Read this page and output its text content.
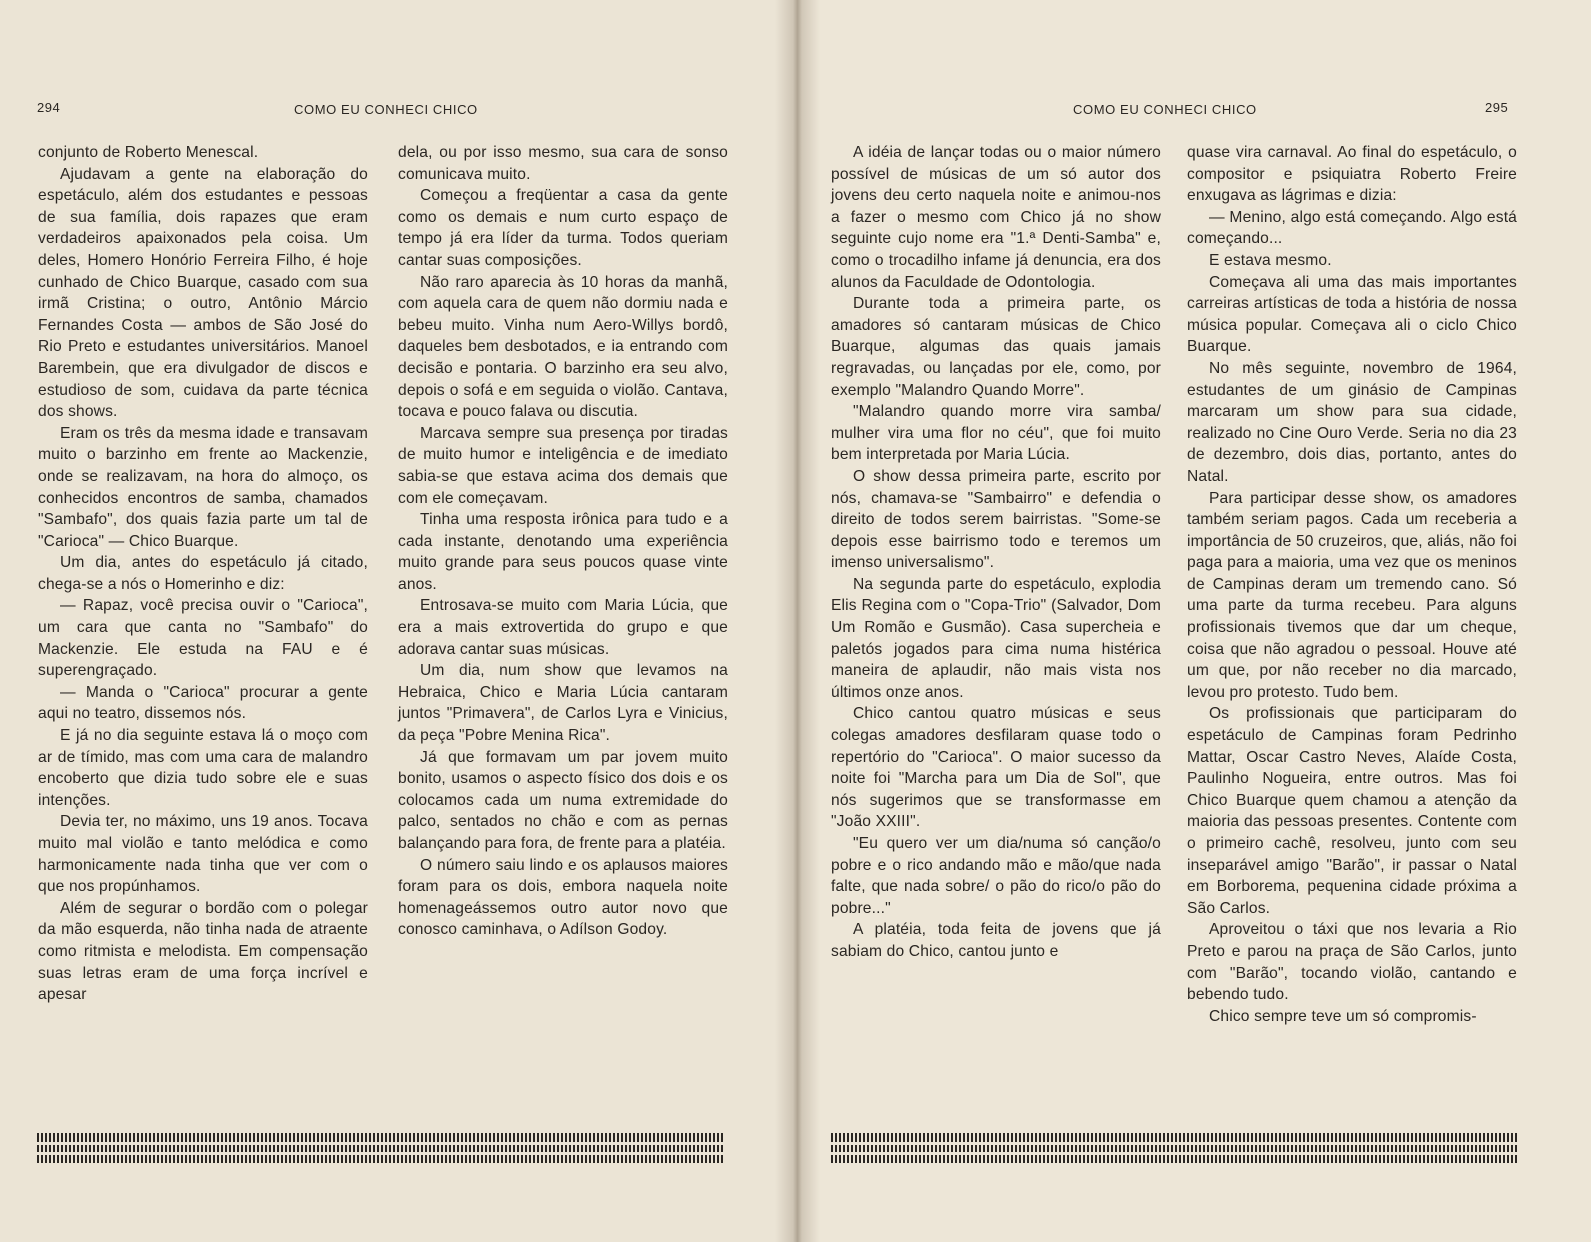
294	COMO EU CONHECI CHICO

conjunto de Roberto Menescal.

Ajudavam a gente na elaboração do espetáculo, além dos estudantes e pessoas de sua família, dois rapazes que eram verdadeiros apaixonados pela coisa. Um deles, Homero Honório Ferreira Filho, é hoje cunhado de Chico Buarque, casado com sua irmã Cristina; o outro, Antônio Márcio Fernandes Costa — ambos de São José do Rio Preto e estudantes universitários. Manoel Barembein, que era divulgador de discos e estudioso de som, cuidava da parte técnica dos shows.

Eram os três da mesma idade e transavam muito o barzinho em frente ao Mackenzie, onde se realizavam, na hora do almoço, os conhecidos encontros de samba, chamados "Sambafo", dos quais fazia parte um tal de "Carioca" — Chico Buarque.

Um dia, antes do espetáculo já citado, chega-se a nós o Homerinho e diz:

— Rapaz, você precisa ouvir o "Carioca", um cara que canta no "Sambafo" do Mackenzie. Ele estuda na FAU e é superengraçado.

— Manda o "Carioca" procurar a gente aqui no teatro, dissemos nós.

E já no dia seguinte estava lá o moço com ar de tímido, mas com uma cara de malandro encoberto que dizia tudo sobre ele e suas intenções.

Devia ter, no máximo, uns 19 anos. Tocava muito mal violão e tanto melódica e como harmonicamente nada tinha que ver com o que nos propúnhamos.

Além de segurar o bordão com o polegar da mão esquerda, não tinha nada de atraente como ritmista e melodista. Em compensação suas letras eram de uma força incrível e apesar

dela, ou por isso mesmo, sua cara de sonso comunicava muito.

Começou a freqüentar a casa da gente como os demais e num curto espaço de tempo já era líder da turma. Todos queriam cantar suas composições.

Não raro aparecia às 10 horas da manhã, com aquela cara de quem não dormiu nada e bebeu muito. Vinha num Aero-Willys bordô, daqueles bem desbotados, e ia entrando com decisão e pontaria. O barzinho era seu alvo, depois o sofá e em seguida o violão. Cantava, tocava e pouco falava ou discutia.

Marcava sempre sua presença por tiradas de muito humor e inteligência e de imediato sabia-se que estava acima dos demais que com ele começavam.

Tinha uma resposta irônica para tudo e a cada instante, denotando uma experiência muito grande para seus poucos quase vinte anos.

Entrosava-se muito com Maria Lúcia, que era a mais extrovertida do grupo e que adorava cantar suas músicas.

Um dia, num show que levamos na Hebraica, Chico e Maria Lúcia cantaram juntos "Primavera", de Carlos Lyra e Vinicius, da peça "Pobre Menina Rica".

Já que formavam um par jovem muito bonito, usamos o aspecto físico dos dois e os colocamos cada um numa extremidade do palco, sentados no chão e com as pernas balançando para fora, de frente para a platéia.

O número saiu lindo e os aplausos maiores foram para os dois, embora naquela noite homenageássemos outro autor novo que conosco caminhava, o Adílson Godoy.

295
COMO EU CONHECI CHICO

A idéia de lançar todas ou o maior número possível de músicas de um só autor dos jovens deu certo naquela noite e animou-nos a fazer o mesmo com Chico já no show seguinte cujo nome era "1.ª Denti-Samba" e, como o trocadilho infame já denuncia, era dos alunos da Faculdade de Odontologia.

Durante toda a primeira parte, os amadores só cantaram músicas de Chico Buarque, algumas das quais jamais regravadas, ou lançadas por ele, como, por exemplo "Malandro Quando Morre".

"Malandro quando morre vira samba/ mulher vira uma flor no céu", que foi muito bem interpretada por Maria Lúcia.

O show dessa primeira parte, escrito por nós, chamava-se "Sambairro" e defendia o direito de todos serem bairristas. "Some-se depois esse bairrismo todo e teremos um imenso universalismo".

Na segunda parte do espetáculo, explodia Elis Regina com o "Copa-Trio" (Salvador, Dom Um Romão e Gusmão). Casa supercheia e paletós jogados para cima numa histérica maneira de aplaudir, não mais vista nos últimos onze anos.

Chico cantou quatro músicas e seus colegas amadores desfilaram quase todo o repertório do "Carioca". O maior sucesso da noite foi "Marcha para um Dia de Sol", que nós sugerimos que se transformasse em "João XXIII".

"Eu quero ver um dia/numa só canção/o pobre e o rico andando mão e mão/que nada falte, que nada sobre/ o pão do rico/o pão do pobre..."

A platéia, toda feita de jovens que já sabiam do Chico, cantou junto e

quase vira carnaval. Ao final do espetáculo, o compositor e psiquiatra Roberto Freire enxugava as lágrimas e dizia:

— Menino, algo está começando. Algo está começando...

E estava mesmo.

Começava ali uma das mais importantes carreiras artísticas de toda a história de nossa música popular. Começava ali o ciclo Chico Buarque.

No mês seguinte, novembro de 1964, estudantes de um ginásio de Campinas marcaram um show para sua cidade, realizado no Cine Ouro Verde. Seria no dia 23 de dezembro, dois dias, portanto, antes do Natal.

Para participar desse show, os amadores também seriam pagos. Cada um receberia a importância de 50 cruzeiros, que, aliás, não foi paga para a maioria, uma vez que os meninos de Campinas deram um tremendo cano. Só uma parte da turma recebeu. Para alguns profissionais tivemos que dar um cheque, coisa que não agradou o pessoal. Houve até um que, por não receber no dia marcado, levou pro protesto. Tudo bem.

Os profissionais que participaram do espetáculo de Campinas foram Pedrinho Mattar, Oscar Castro Neves, Alaíde Costa, Paulinho Nogueira, entre outros. Mas foi Chico Buarque quem chamou a atenção da maioria das pessoas presentes. Contente com o primeiro cachê, resolveu, junto com seu inseparável amigo "Barão", ir passar o Natal em Borborema, pequenina cidade próxima a São Carlos.

Aproveitou o táxi que nos levaria a Rio Preto e parou na praça de São Carlos, junto com "Barão", tocando violão, cantando e bebendo tudo.

Chico sempre teve um só compromis-
